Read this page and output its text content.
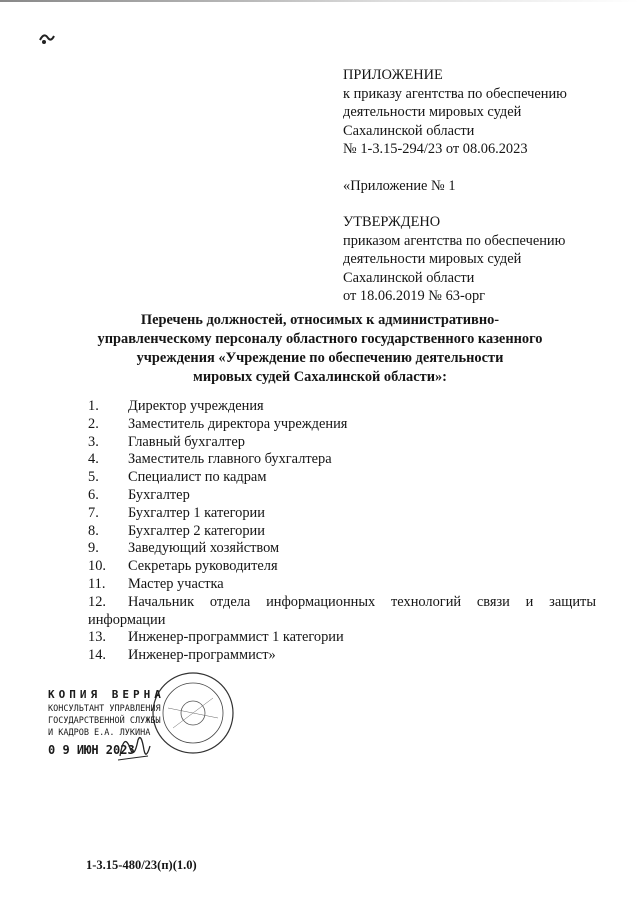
ПРИЛОЖЕНИЕ
к приказу агентства по обеспечению
деятельности мировых судей
Сахалинской области
№ 1-3.15-294/23 от 08.06.2023
«Приложение № 1
УТВЕРЖДЕНО
приказом агентства по обеспечению
деятельности мировых судей
Сахалинской области
от 18.06.2019 № 63-орг
Перечень должностей, относимых к административно-
управленческому персоналу областного государственного казенного
учреждения «Учреждение по обеспечению деятельности
мировых судей Сахалинской области»:
1. Директор учреждения
2. Заместитель директора учреждения
3. Главный бухгалтер
4. Заместитель главного бухгалтера
5. Специалист по кадрам
6. Бухгалтер
7. Бухгалтер 1 категории
8. Бухгалтер 2 категории
9. Заведующий хозяйством
10. Секретарь руководителя
11. Мастер участка
12. Начальник отдела информационных технологий связи и защиты
информации
13. Инженер-программист 1 категории
14. Инженер-программист»
КОПИЯ ВЕРНА
КОНСУЛЬТАНТ УПРАВЛЕНИЯ
ГОСУДАРСТВЕННОЙ СЛУЖБЫ
И КАДРОВ Е.А. ЛУКИНА
0 9 ИЮН 2023
1-3.15-480/23(п)(1.0)
